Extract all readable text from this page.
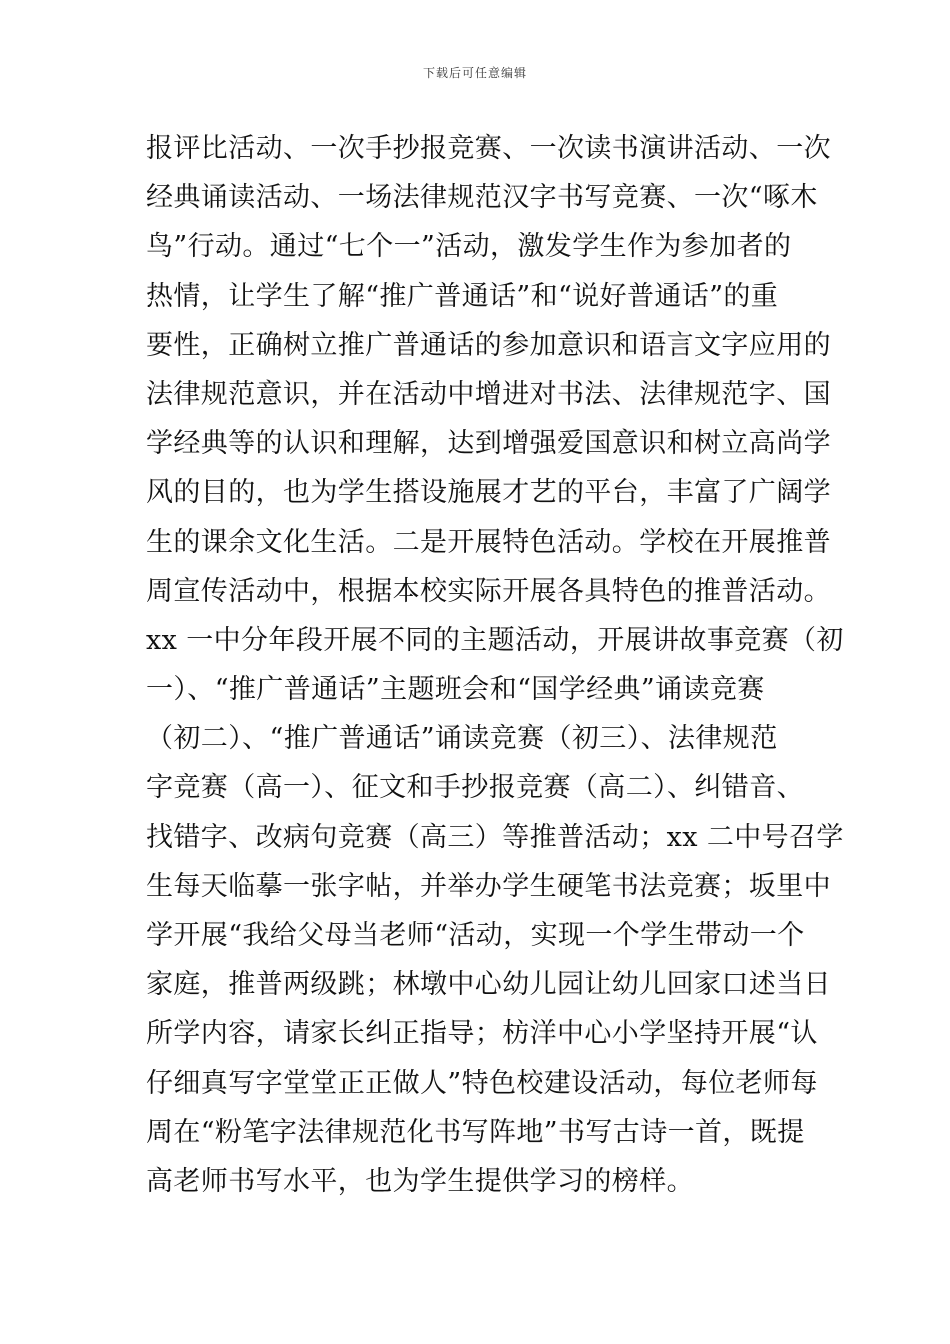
下载后可任意编辑
报评比活动、一次手抄报竞赛、一次读书演讲活动、一次
经典诵读活动、一场法律规范汉字书写竞赛、一次“啄木
鸟”行动。通过“七个一”活动，激发学生作为参加者的
热情，让学生了解“推广普通话”和“说好普通话”的重
要性，正确树立推广普通话的参加意识和语言文字应用的
法律规范意识，并在活动中增进对书法、法律规范字、国
学经典等的认识和理解，达到增强爱国意识和树立高尚学
风的目的，也为学生搭设施展才艺的平台，丰富了广阔学
生的课余文化生活。二是开展特色活动。学校在开展推普
周宣传活动中，根据本校实际开展各具特色的推普活动。
xx 一中分年段开展不同的主题活动，开展讲故事竞赛（初
一）、“推广普通话”主题班会和“国学经典”诵读竞赛
（初二）、“推广普通话”诵读竞赛（初三）、法律规范
字竞赛（高一）、征文和手抄报竞赛（高二）、纠错音、
找错字、改病句竞赛（高三）等推普活动；xx 二中号召学
生每天临摹一张字帖，并举办学生硬笔书法竞赛；坂里中
学开展“我给父母当老师“活动，实现一个学生带动一个
家庭，推普两级跳；林墩中心幼儿园让幼儿回家口述当日
所学内容，请家长纠正指导；枋洋中心小学坚持开展“认
仔细真写字堂堂正正做人”特色校建设活动，每位老师每
周在“粉笔字法律规范化书写阵地”书写古诗一首，既提
高老师书写水平，也为学生提供学习的榜样。
